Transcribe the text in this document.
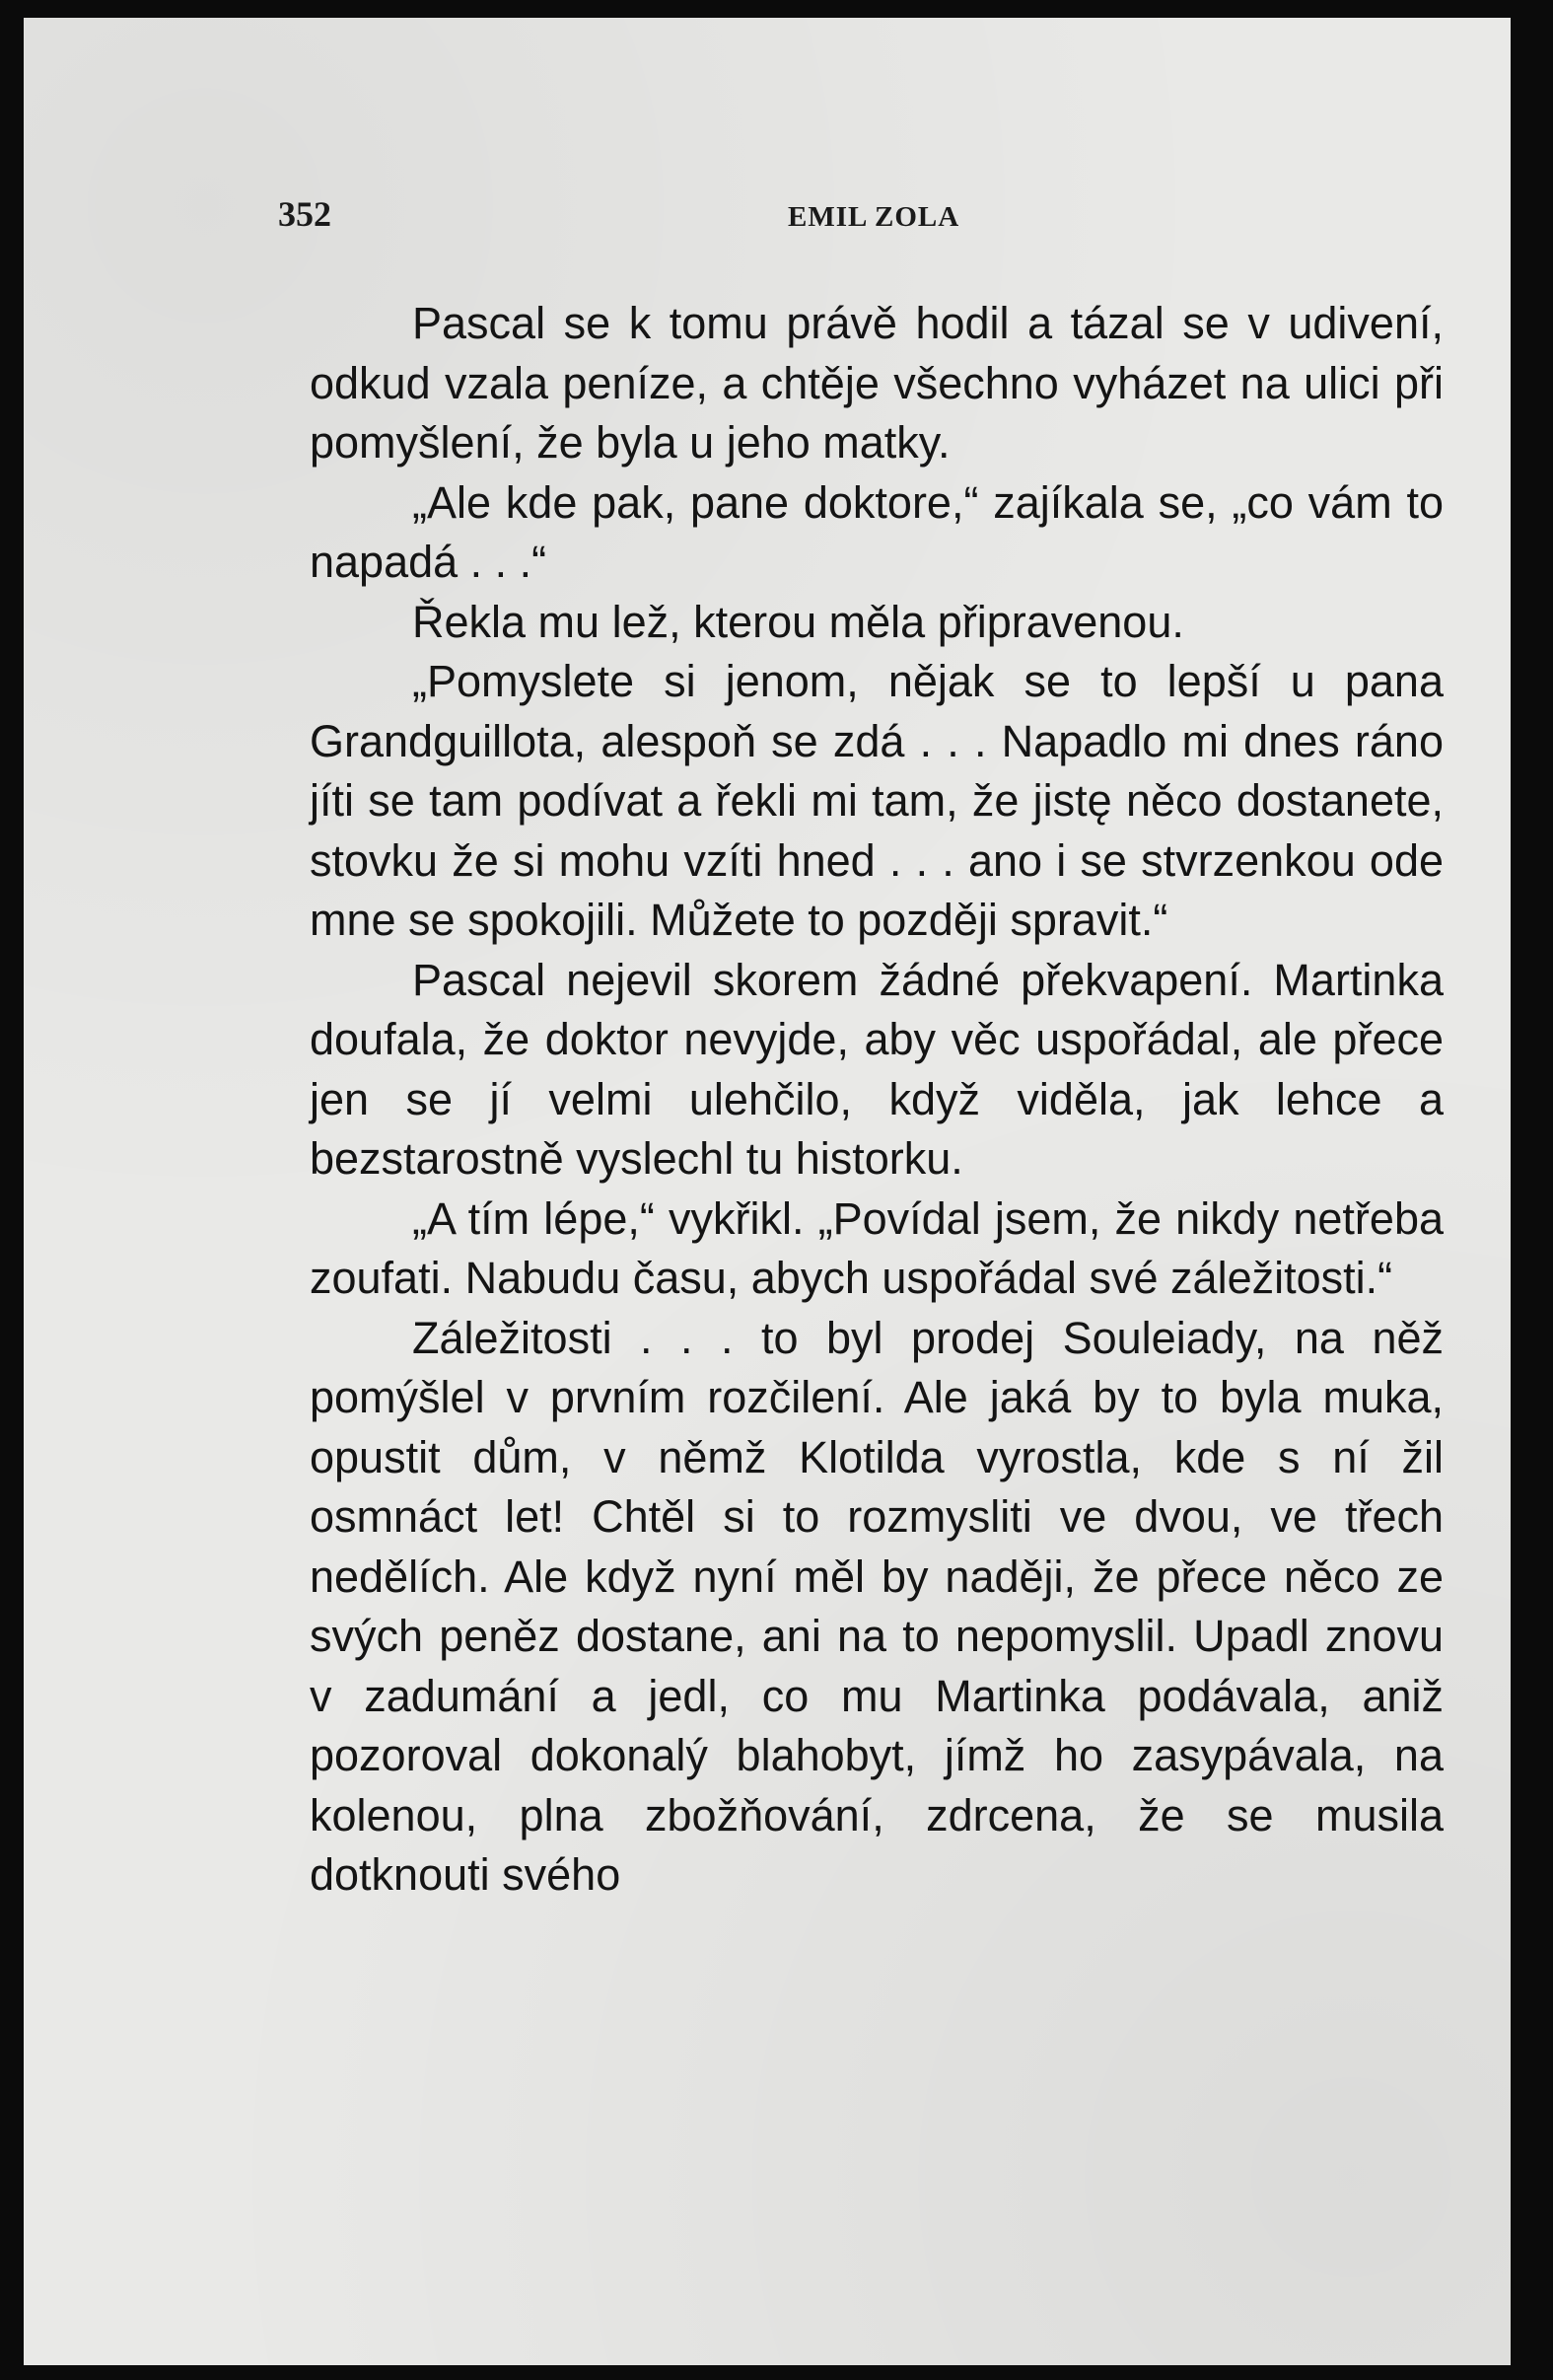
352	EMIL ZOLA

Pascal se k tomu právě hodil a tázal se v udivení, odkud vzala peníze, a chtěje všechno vyházet na ulici při pomyšlení, že byla u jeho matky.

„Ale kde pak, pane doktore,“ zajíkala se, „co vám to napadá . . .“

Řekla mu lež, kterou měla připravenou.

„Pomyslete si jenom, nějak se to lepší u pana Grandguillota, alespoň se zdá . . . Napadlo mi dnes ráno jíti se tam podívat a řekli mi tam, že jistę něco dostanete, stovku že si mohu vzíti hned . . . ano i se stvrzenkou ode mne se spokojili. Můžete to později spravit.“

Pascal nejevil skorem žádné překvapení. Martinka doufala, že doktor nevyjde, aby věc uspořádal, ale přece jen se jí velmi ulehčilo, když viděla, jak lehce a bezstarostně vyslechl tu historku.

„A tím lépe,“ vykřikl. „Povídal jsem, že nikdy netřeba zoufati. Nabudu času, abych uspořádal své záležitosti.“

Záležitosti . . . to byl prodej Souleiady, na něž pomýšlel v prvním rozčilení. Ale jaká by to byla muka, opustit dům, v němž Klotilda vyrostla, kde s ní žil osmnáct let! Chtěl si to rozmysliti ve dvou, ve třech nedělích. Ale když nyní měl by naději, že přece něco ze svých peněz dostane, ani na to nepomyslil. Upadl znovu v zadumání a jedl, co mu Martinka podávala, aniž pozoroval dokonalý blahobyt, jímž ho zasypávala, na kolenou, plna zbožňování, zdrcena, že se musila dotknouti svého
